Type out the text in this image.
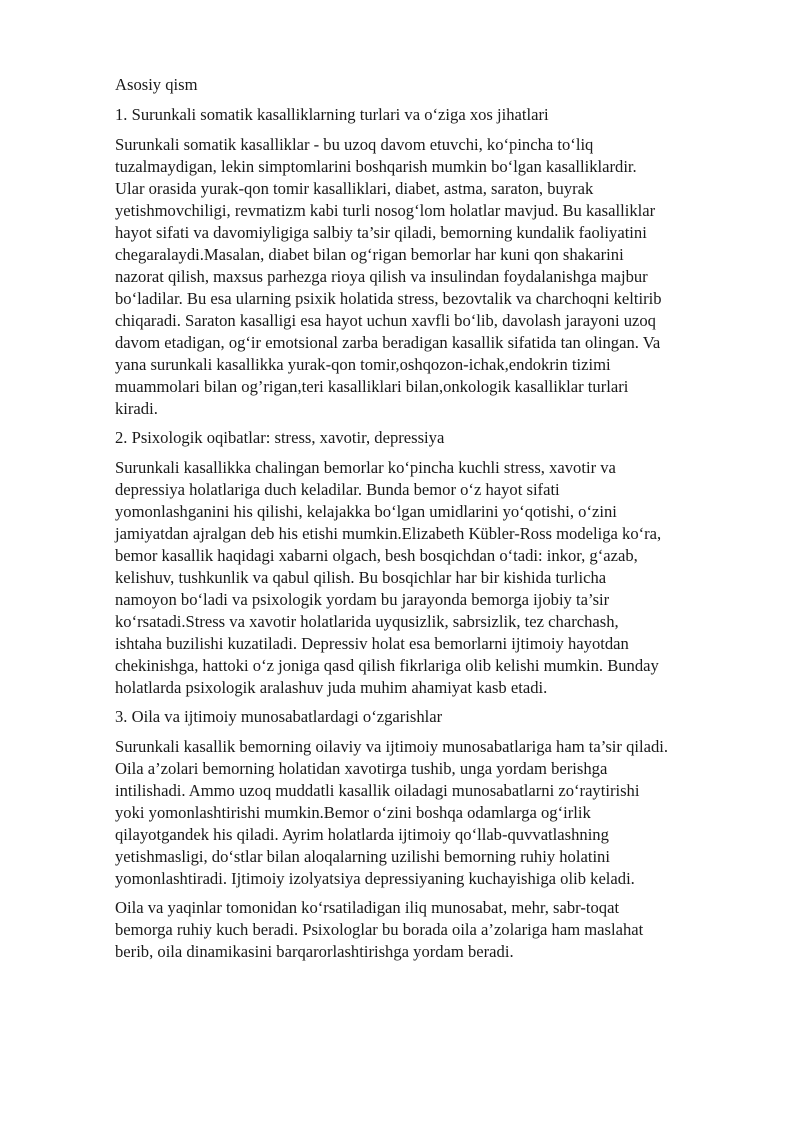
Asosiy qism
1. Surunkali somatik kasalliklarning turlari va o‘ziga xos jihatlari
Surunkali somatik kasalliklar - bu uzoq davom etuvchi, ko‘pincha to‘liq
tuzalmaydigan, lekin simptomlarini boshqarish mumkin bo‘lgan kasalliklardir.
Ular orasida yurak-qon tomir kasalliklari, diabet, astma, saraton, buyrak
yetishmovchiligi, revmatizm kabi turli nosog‘lom holatlar mavjud. Bu kasalliklar
hayot sifati va davomiyligiga salbiy ta’sir qiladi, bemorning kundalik faoliyatini
chegaralaydi.Masalan, diabet bilan og‘rigan bemorlar har kuni qon shakarini
nazorat qilish, maxsus parhezga rioya qilish va insulindan foydalanishga majbur
bo‘ladilar. Bu esa ularning psixik holatida stress, bezovtalik va charchoqni keltirib
chiqaradi. Saraton kasalligi esa hayot uchun xavfli bo‘lib, davolash jarayoni uzoq
davom etadigan, og‘ir emotsional zarba beradigan kasallik sifatida tan olingan. Va
yana surunkali kasallikka yurak-qon tomir,oshqozon-ichak,endokrin tizimi
muammolari bilan og’rigan,teri kasalliklari bilan,onkologik kasalliklar turlari
kiradi.
2. Psixologik oqibatlar: stress, xavotir, depressiya
Surunkali kasallikka chalingan bemorlar ko‘pincha kuchli stress, xavotir va
depressiya holatlariga duch keladilar. Bunda bemor o‘z hayot sifati
yomonlashganini his qilishi, kelajakka bo‘lgan umidlarini yo‘qotishi, o‘zini
jamiyatdan ajralgan deb his etishi mumkin.Elizabeth Kübler-Ross modeliga ko‘ra,
bemor kasallik haqidagi xabarni olgach, besh bosqichdan o‘tadi: inkor, g‘azab,
kelishuv, tushkunlik va qabul qilish. Bu bosqichlar har bir kishida turlicha
namoyon bo‘ladi va psixologik yordam bu jarayonda bemorga ijobiy ta’sir
ko‘rsatadi.Stress va xavotir holatlarida uyqusizlik, sabrsizlik, tez charchash,
ishtaha buzilishi kuzatiladi. Depressiv holat esa bemorlarni ijtimoiy hayotdan
chekinishga, hattoki o‘z joniga qasd qilish fikrlariga olib kelishi mumkin. Bunday
holatlarda psixologik aralashuv juda muhim ahamiyat kasb etadi.
3. Oila va ijtimoiy munosabatlardagi o‘zgarishlar
Surunkali kasallik bemorning oilaviy va ijtimoiy munosabatlariga ham ta’sir qiladi.
Oila a’zolari bemorning holatidan xavotirga tushib, unga yordam berishga
intilishadi. Ammo uzoq muddatli kasallik oiladagi munosabatlarni zo‘raytirishi
yoki yomonlashtirishi mumkin.Bemor o‘zini boshqa odamlarga og‘irlik
qilayotgandek his qiladi. Ayrim holatlarda ijtimoiy qo‘llab-quvvatlashning
yetishmasligi, do‘stlar bilan aloqalarning uzilishi bemorning ruhiy holatini
yomonlashtiradi. Ijtimoiy izolyatsiya depressiyaning kuchayishiga olib keladi.
Oila va yaqinlar tomonidan ko‘rsatiladigan iliq munosabat, mehr, sabr-toqat
bemorga ruhiy kuch beradi. Psixologlar bu borada oila a’zolariga ham maslahat
berib, oila dinamikasini barqarorlashtirishga yordam beradi.
